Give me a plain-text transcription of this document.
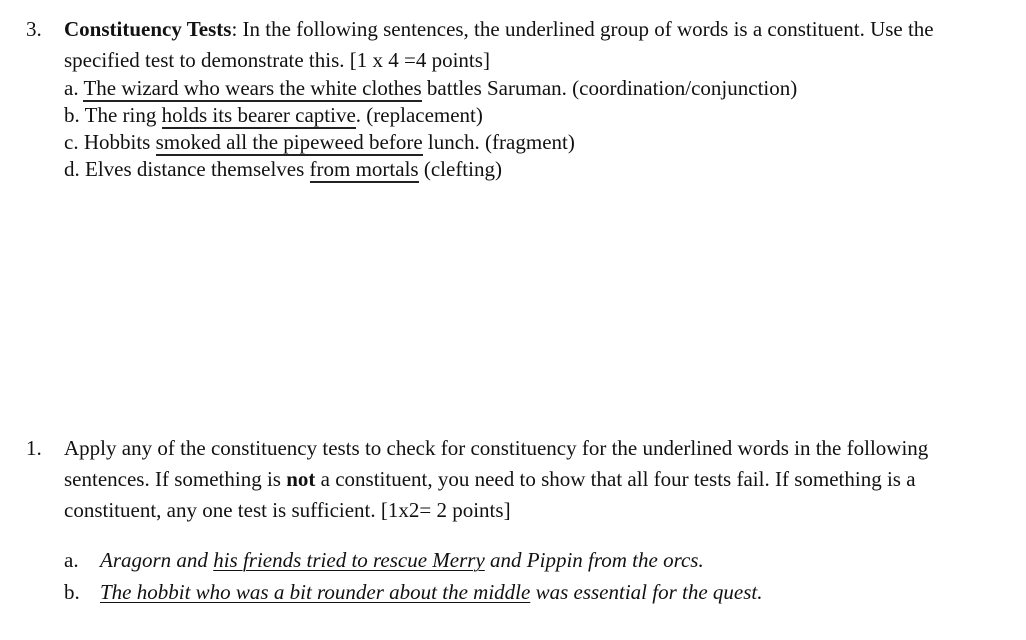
3.	Constituency Tests: In the following sentences, the underlined group of words is a constituent. Use the specified test to demonstrate this. [1 x 4 =4 points]
a. The wizard who wears the white clothes battles Saruman. (coordination/conjunction)
b. The ring holds its bearer captive. (replacement)
c. Hobbits smoked all the pipeweed before lunch. (fragment)
d. Elves distance themselves from mortals (clefting)
1.	Apply any of the constituency tests to check for constituency for the underlined words in the following sentences. If something is not a constituent, you need to show that all four tests fail. If something is a constituent, any one test is sufficient. [1x2= 2 points]
a.	Aragorn and his friends tried to rescue Merry and Pippin from the orcs.
b. The hobbit who was a bit rounder about the middle was essential for the quest.
